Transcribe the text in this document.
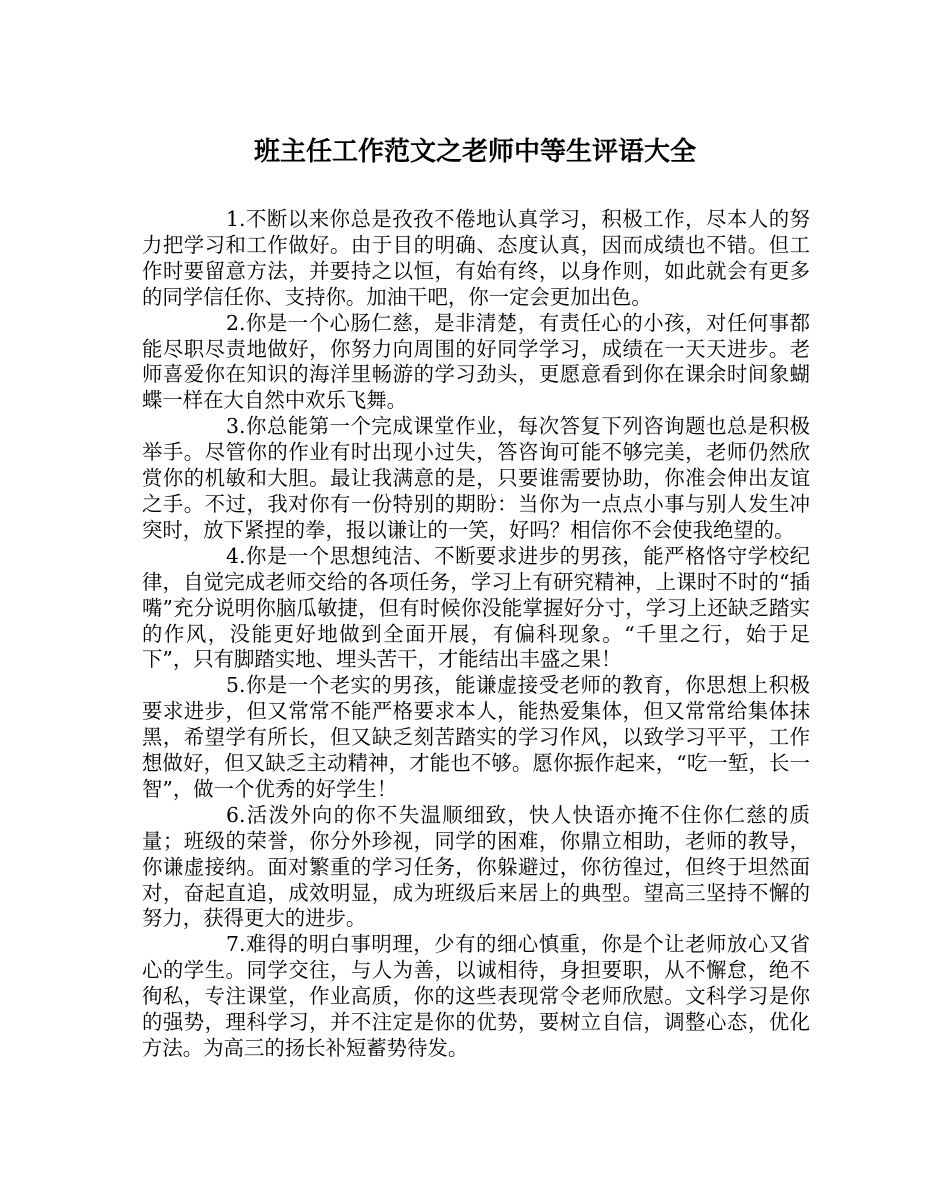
班主任工作范文之老师中等生评语大全

1.不断以来你总是孜孜不倦地认真学习，积极工作，尽本人的努力把学习和工作做好。由于目的明确、态度认真，因而成绩也不错。但工作时要留意方法，并要持之以恒，有始有终，以身作则，如此就会有更多的同学信任你、支持你。加油干吧，你一定会更加出色。

2.你是一个心肠仁慈，是非清楚，有责任心的小孩，对任何事都能尽职尽责地做好，你努力向周围的好同学学习，成绩在一天天进步。老师喜爱你在知识的海洋里畅游的学习劲头，更愿意看到你在课余时间象蝴蝶一样在大自然中欢乐飞舞。

3.你总能第一个完成课堂作业，每次答复下列咨询题也总是积极举手。尽管你的作业有时出现小过失，答咨询可能不够完美，老师仍然欣赏你的机敏和大胆。最让我满意的是，只要谁需要协助，你准会伸出友谊之手。不过，我对你有一份特别的期盼：当你为一点点小事与别人发生冲突时，放下紧捏的拳，报以谦让的一笑，好吗？相信你不会使我绝望的。

4.你是一个思想纯洁、不断要求进步的男孩，能严格恪守学校纪律，自觉完成老师交给的各项任务，学习上有研究精神，上课时不时的“插嘴”充分说明你脑瓜敏捷，但有时候你没能掌握好分寸，学习上还缺乏踏实的作风，没能更好地做到全面开展，有偏科现象。“千里之行，始于足下”，只有脚踏实地、埋头苦干，才能结出丰盛之果！

5.你是一个老实的男孩，能谦虚接受老师的教育，你思想上积极要求进步，但又常常不能严格要求本人，能热爱集体，但又常常给集体抹黑，希望学有所长，但又缺乏刻苦踏实的学习作风，以致学习平平，工作想做好，但又缺乏主动精神，才能也不够。愿你振作起来，“吃一堑，长一智”，做一个优秀的好学生！

6.活泼外向的你不失温顺细致，快人快语亦掩不住你仁慈的质量；班级的荣誉，你分外珍视，同学的困难，你鼎立相助，老师的教导，你谦虚接纳。面对繁重的学习任务，你躲避过，你彷徨过，但终于坦然面对，奋起直追，成效明显，成为班级后来居上的典型。望高三坚持不懈的努力，获得更大的进步。

7.难得的明白事明理，少有的细心慎重，你是个让老师放心又省心的学生。同学交往，与人为善，以诚相待，身担要职，从不懈怠，绝不徇私，专注课堂，作业高质，你的这些表现常令老师欣慰。文科学习是你的强势，理科学习，并不注定是你的优势，要树立自信，调整心态，优化方法。为高三的扬长补短蓄势待发。
